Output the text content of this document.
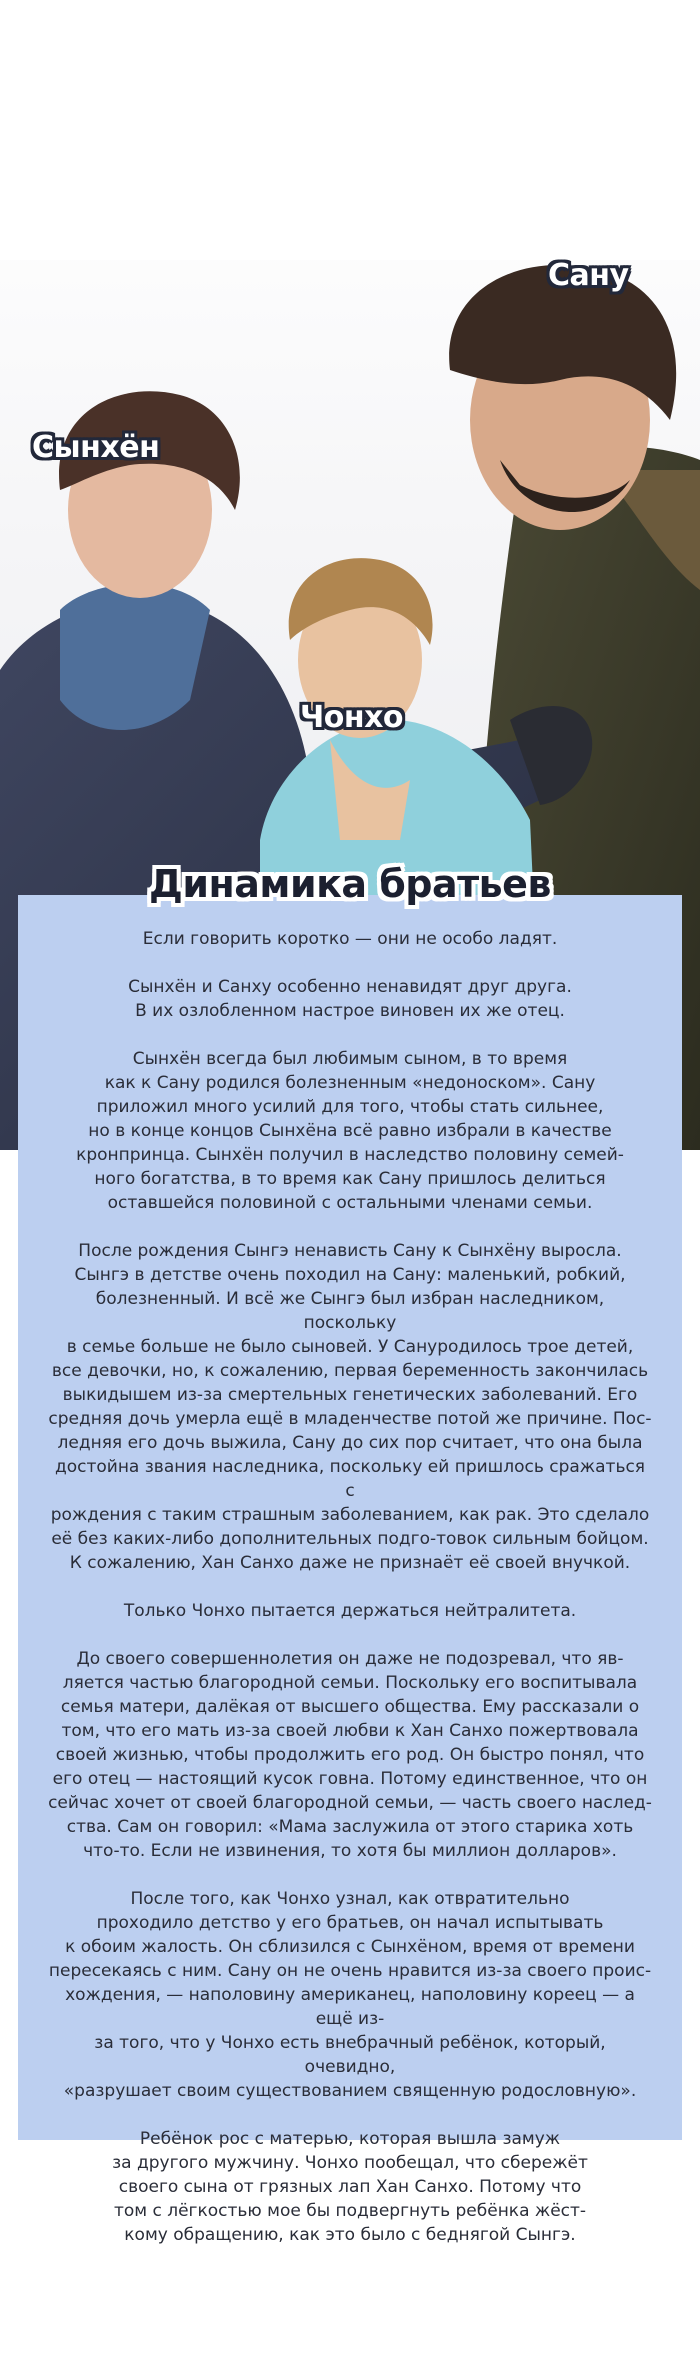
Сану
Сынхён
Чонхо

Если говорить коротко — они не особо ладят.

Сынхён и Санху особенно ненавидят друг друга.
В их озлобленном настрое виновен их же отец.

Сынхён всегда был любимым сыном, в то время
как к Сану родился болезненным «недоноском». Сану
приложил много усилий для того, чтобы стать сильнее,
но в конце концов Сынхёна всё равно избрали в качестве
кронпринца. Сынхён получил в наследство половину семей-
ного богатства, в то время как Сану пришлось делиться
оставшейся половиной с остальными членами семьи.

После рождения Сынгэ ненависть Сану к Сынхёну выросла.
Сынгэ в детстве очень походил на Сану: маленький, робкий,
болезненный. И всё же Сынгэ был избран наследником, поскольку
в семье больше не было сыновей. У Сануродилось трое детей,
все девочки, но, к сожалению, первая беременность закончилась
выкидышем из-за смертельных генетических заболеваний. Его
средняя дочь умерла ещё в младенчестве потой же причине. Пос-
ледняя его дочь выжила, Сану до сих пор считает, что она была
достойна звания наследника, поскольку ей пришлось сражаться с
рождения с таким страшным заболеванием, как рак. Это сделало
её без каких-либо дополнительных подго-товок сильным бойцом.
К сожалению, Хан Санхо даже не признаёт её своей внучкой.

Только Чонхо пытается держаться нейтралитета.

До своего совершеннолетия он даже не подозревал, что яв-
ляется частью благородной семьи. Поскольку его воспитывала
семья матери, далёкая от высшего общества. Ему рассказали о
том, что его мать из-за своей любви к Хан Санхо пожертвовала
своей жизнью, чтобы продолжить его род. Он быстро понял, что
его отец — настоящий кусок говна. Потому единственное, что он
сейчас хочет от своей благородной семьи, — часть своего наслед-
ства. Сам он говорил: «Мама заслужила от этого старика хоть
что-то. Если не извинения, то хотя бы миллион долларов».

После того, как Чонхо узнал, как отвратительно
проходило детство у его братьев, он начал испытывать
к обоим жалость. Он сблизился с Сынхёном, время от времени
пересекаясь с ним. Сану он не очень нравится из-за своего проис-
хождения, — наполовину американец, наполовину кореец — а ещё из-
за того, что у Чонхо есть внебрачный ребёнок, который, очевидно,
«разрушает своим существованием священную родословную».

Ребёнок рос с матерью, которая вышла замуж
за другого мужчину. Чонхо пообещал, что сбережёт
своего сына от грязных лап Хан Санхо. Потому что
том с лёгкостью мое бы подвергнуть ребёнка жёст-
кому обращению, как это было с беднягой Сынгэ.

Динамика братьев
